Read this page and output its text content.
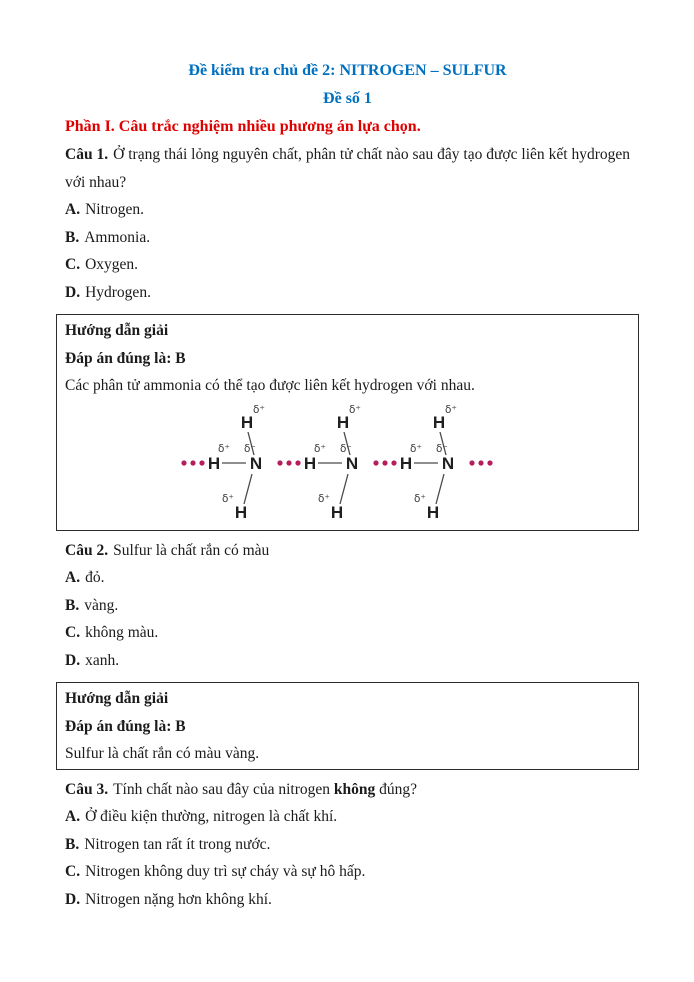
Đề kiểm tra chủ đề 2: NITROGEN – SULFUR

Đề số 1

Phần I. Câu trắc nghiệm nhiều phương án lựa chọn.

Câu 1. Ở trạng thái lỏng nguyên chất, phân tử chất nào sau đây tạo được liên kết hydrogen với nhau?

A. Nitrogen.

B. Ammonia.

C. Oxygen.

D. Hydrogen.

Hướng dẫn giải

Đáp án đúng là: B

Các phân tử ammonia có thể tạo được liên kết hydrogen với nhau.

H
δ⁺
N
δ⁻
H
δ⁺
H
δ⁺
H
δ⁺
N
δ⁻
H
δ⁺
H
δ⁺
H
δ⁺
N
δ⁻
H
δ⁺
H
δ⁺

Câu 2. Sulfur là chất rắn có màu

A. đỏ.

B. vàng.

C. không màu.

D. xanh.

Hướng dẫn giải

Đáp án đúng là: B

Sulfur là chất rắn có màu vàng.

Câu 3. Tính chất nào sau đây của nitrogen không đúng?

A. Ở điều kiện thường, nitrogen là chất khí.

B. Nitrogen tan rất ít trong nước.

C. Nitrogen không duy trì sự cháy và sự hô hấp.

D. Nitrogen nặng hơn không khí.
